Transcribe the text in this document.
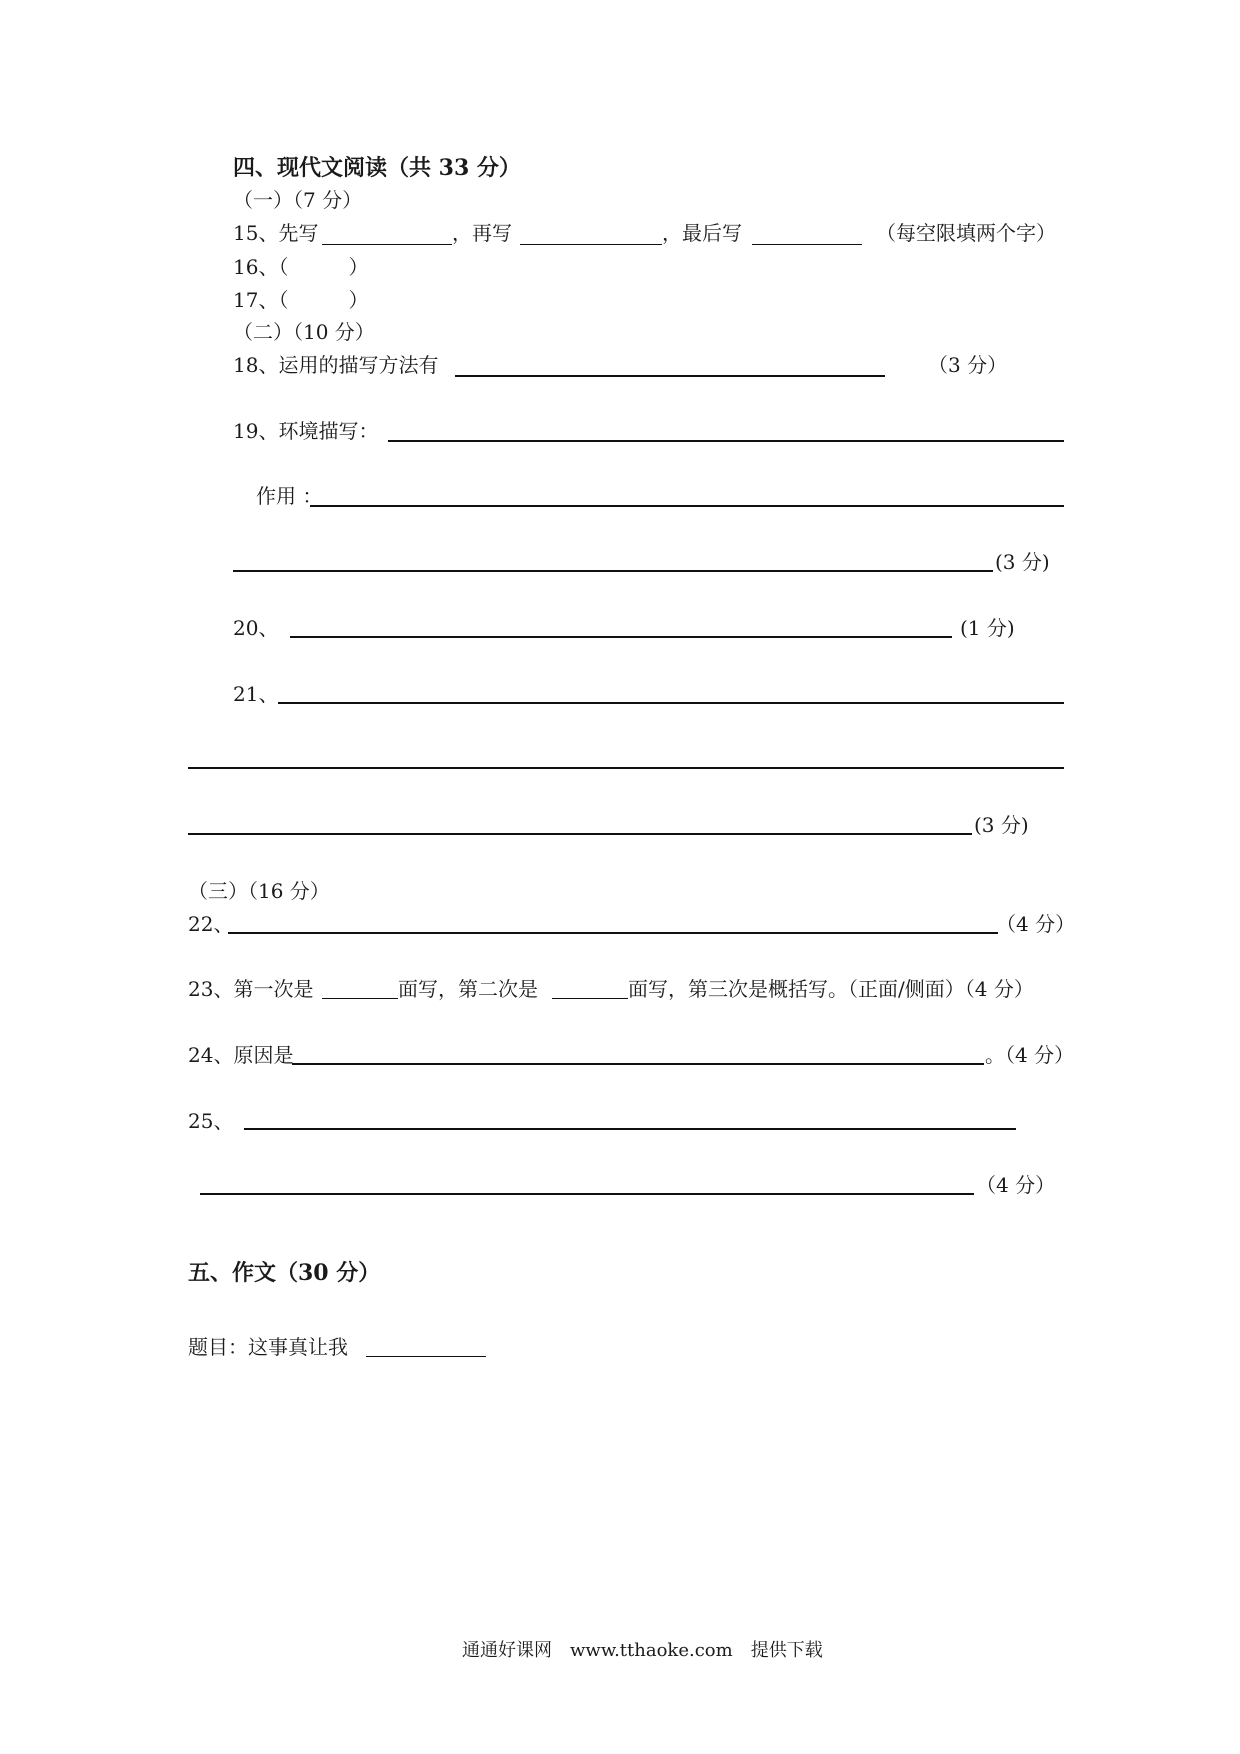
四、现代文阅读（共 33 分）
（一）（7 分）
15、先写	，再写	，最后写	（每空限填两个字）
16、（　　　）
17、（　　　）
（二）（10 分）
18、运用的描写方法有	（3 分）
19、环境描写：
作用 ：
(3 分)
20、	(1 分)
21、
(3 分)
（三）（16 分）
22、	（4 分）
23、第一次是	面写，第二次是	面写，第三次是概括写。（正面/侧面）（4 分）
24、原因是	。（4 分）
25、
（4 分）
五、作文（30 分）
题目：这事真让我
通通好课网　www.tthaoke.com　提供下载
